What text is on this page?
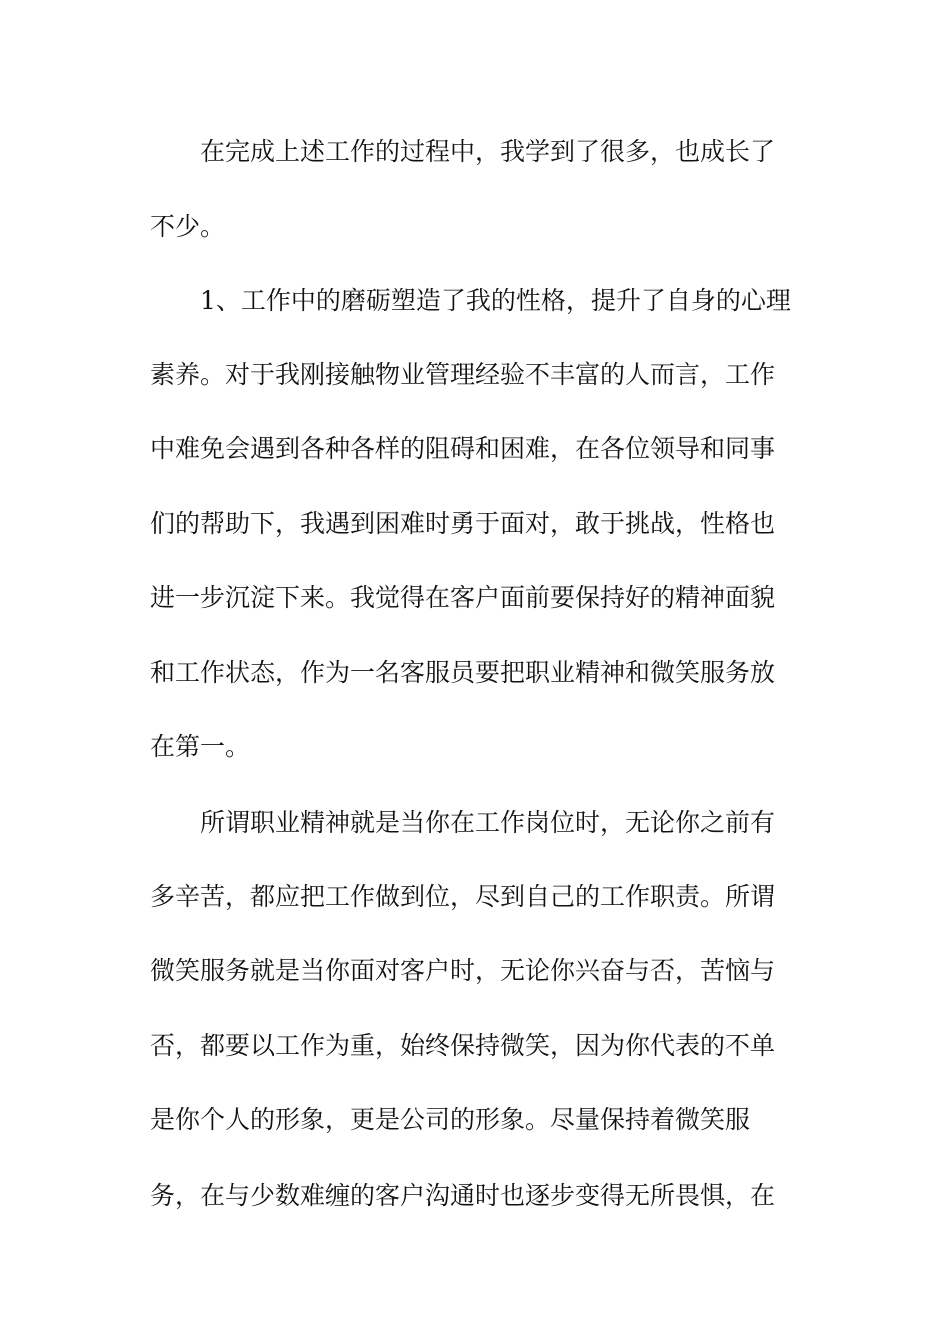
在完成上述工作的过程中，我学到了很多，也成长了
不少。
1、工作中的磨砺塑造了我的性格，提升了自身的心理
素养。对于我刚接触物业管理经验不丰富的人而言，工作
中难免会遇到各种各样的阻碍和困难，在各位领导和同事
们的帮助下，我遇到困难时勇于面对，敢于挑战，性格也
进一步沉淀下来。我觉得在客户面前要保持好的精神面貌
和工作状态，作为一名客服员要把职业精神和微笑服务放
在第一。
所谓职业精神就是当你在工作岗位时，无论你之前有
多辛苦，都应把工作做到位，尽到自己的工作职责。所谓
微笑服务就是当你面对客户时，无论你兴奋与否，苦恼与
否，都要以工作为重，始终保持微笑，因为你代表的不单
是你个人的形象，更是公司的形象。尽量保持着微笑服
务，在与少数难缠的客户沟通时也逐步变得无所畏惧，在
